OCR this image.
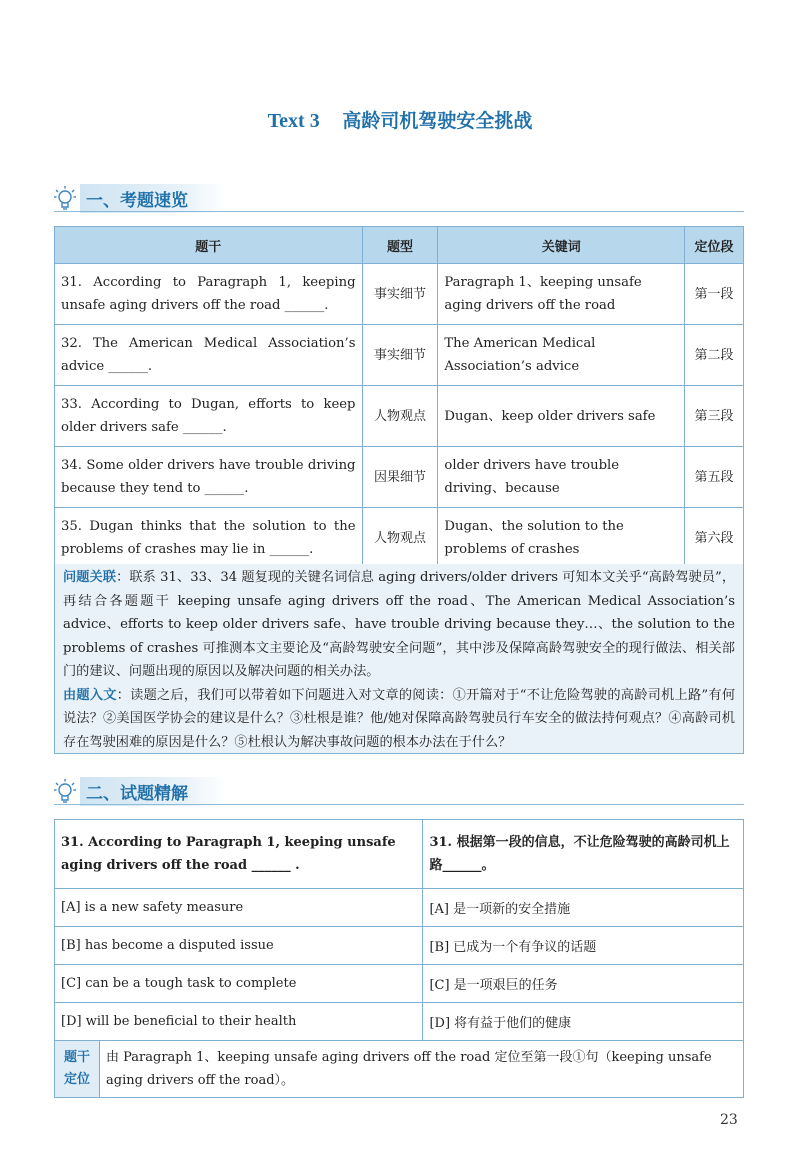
Text 3 高龄司机驾驶安全挑战
一、考题速览
题干	题型	关键词	定位段
31. According to Paragraph 1, keeping unsafe aging drivers off the road ______.	事实细节	Paragraph 1、keeping unsafe aging drivers off the road	第一段
32. The American Medical Association’s advice ______.	事实细节	The American Medical Association’s advice	第二段
33. According to Dugan, efforts to keep older drivers safe ______.	人物观点	Dugan、keep older drivers safe	第三段
34. Some older drivers have trouble driving because they tend to ______.	因果细节	older drivers have trouble driving、because	第五段
35. Dugan thinks that the solution to the problems of crashes may lie in ______.	人物观点	Dugan、the solution to the problems of crashes	第六段

问题关联：联系 31、33、34 题复现的关键名词信息 aging drivers/older drivers 可知本文关乎“高龄驾驶员”，再结合各题题干 keeping unsafe aging drivers off the road、The American Medical Association’s advice、efforts to keep older drivers safe、have trouble driving because they…、the solution to the problems of crashes 可推测本文主要论及“高龄驾驶安全问题”，其中涉及保障高龄驾驶安全的现行做法、相关部门的建议、问题出现的原因以及解决问题的相关办法。

由题入文：读题之后，我们可以带着如下问题进入对文章的阅读：①开篇对于“不让危险驾驶的高龄司机上路”有何说法？②美国医学协会的建议是什么？③杜根是谁？他/她对保障高龄驾驶员行车安全的做法持何观点？④高龄司机存在驾驶困难的原因是什么？⑤杜根认为解决事故问题的根本办法在于什么？

二、试题精解
31. According to Paragraph 1, keeping unsafe aging drivers off the road ______ .		31. 根据第一段的信息，不让危险驾驶的高龄司机上路______。
[A] is a new safety measure		[A] 是一项新的安全措施
[B] has become a disputed issue		[B] 已成为一个有争议的话题
[C] can be a tough task to complete		[C] 是一项艰巨的任务
[D] will be beneficial to their health		[D] 将有益于他们的健康
题干定位	由 Paragraph 1、keeping unsafe aging drivers off the road 定位至第一段①句（keeping unsafe aging drivers off the road）。	
23
